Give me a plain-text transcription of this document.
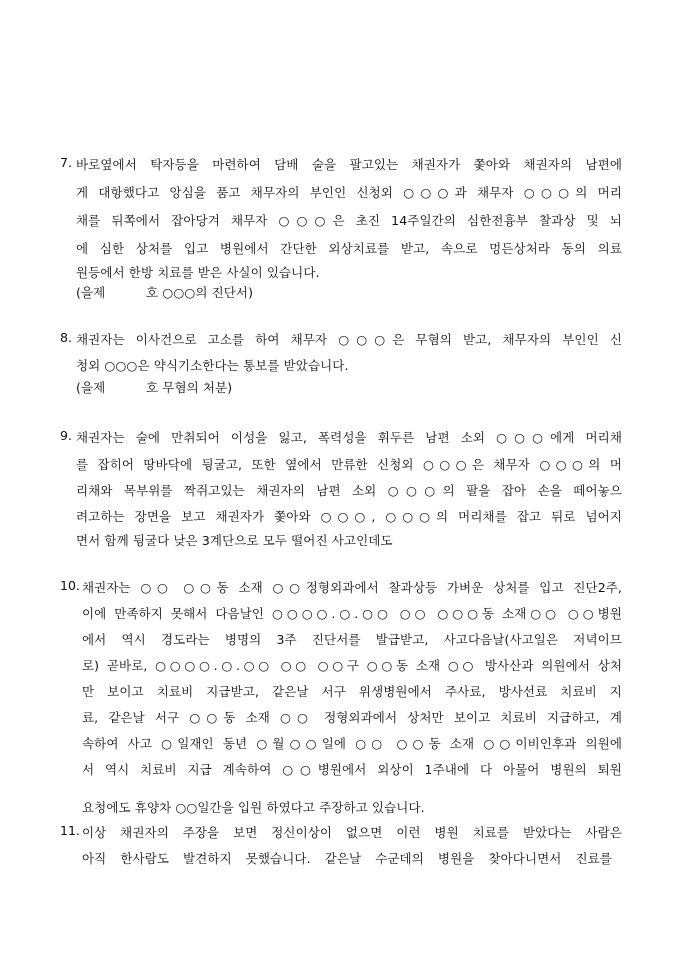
7. 바로옆에서 탁자등을 마련하여 담배 술을 팔고있는 채권자가 쫓아와 채권자의 남편에
게 대항했다고 앙심을 품고 채무자의 부인인 신청외 ○○○과 채무자 ○○○의 머리
채를 뒤쪽에서 잡아당겨 채무자 ○○○은 초진 14주일간의 심한전흉부 찰과상 및 뇌
에 심한 상처를 입고 병원에서 간단한 외상치료를 받고, 속으로 멍든상처라 동의 의료
원등에서 한방 치료를 받은 사실이 있습니다.
(을제          호 ○○○의 진단서)
8. 채권자는 이사건으로 고소를 하여 채무자 ○○○은 무혐의 받고, 채무자의 부인인 신
청외 ○○○은 약식기소한다는 통보를 받았습니다.
(을제          호 무혐의 처분)
9. 채권자는 술에 만취되어 이성을 잃고, 폭력성을 휘두른 남편 소외 ○○○에게 머리채
를 잡히어 땅바닥에 뒹굴고, 또한 옆에서 만류한 신청외 ○○○은 채무자 ○○○의 머
리채와 목부위를 짝쥐고있는 채권자의 남편 소외 ○○○의 팔을 잡아 손을 떼어놓으
려고하는 장면을 보고 채권자가 쫓아와 ○○○, ○○○의 머리채를 잡고 뒤로 넘어지
면서 함께 뒹굴다 낮은 3계단으로 모두 떨어진 사고인데도
10. 채권자는 ○○ ○○동 소재 ○○정형외과에서 찰과상등 가벼운 상처를 입고 진단2주,
이에 만족하지 못해서 다음날인 ○○○○.○.○○ ○○ ○○○동 소재○○ ○○병원
에서 역시 경도라는 병명의 3주 진단서를 발급받고, 사고다음날(사고일은 저녁이므
로) 곧바로, ○○○○.○.○○ ○○ ○○구 ○○동 소재 ○○ 방사산과 의원에서 상처
만 보이고 치료비 지급받고, 같은날 서구 위생병원에서 주사료, 방사선료 치료비 지
료, 같은날 서구 ○○동 소재 ○○ 정형외과에서 상처만 보이고 치료비 지급하고, 계
속하여 사고 ○일재인 동년 ○월○○일에 ○○ ○○동 소재 ○○이비인후과 의원에
서 역시 치료비 지급 계속하여 ○○병원에서 외상이 1주내에 다 아물어 병원의 퇴원
요청에도 휴양차 ○○일간을 입원 하였다고 주장하고 있습니다.
11. 이상 채권자의 주장을 보면 정신이상이 없으면 이런 병원 치료를 받았다는 사람은
아직 한사람도 발견하지 못했습니다. 같은날 수군데의 병원을 찾아다니면서 진료를
